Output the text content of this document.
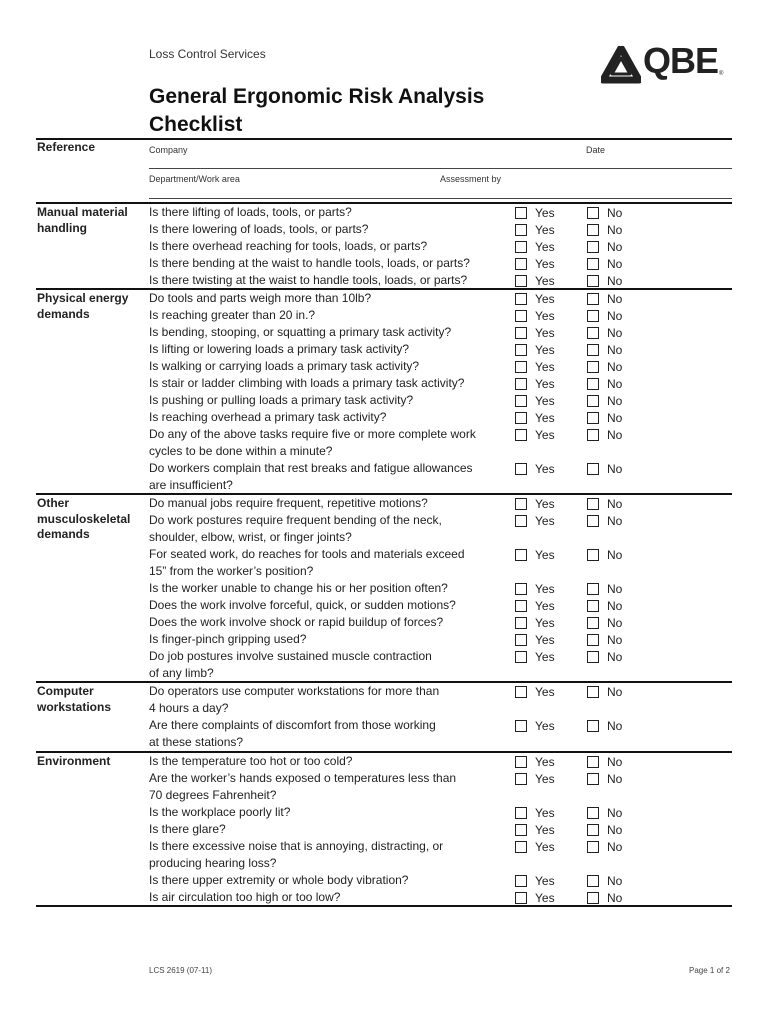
Loss Control Services	QBE ®
General Ergonomic Risk Analysis
Checklist
Reference	Company	Date
Department/Work area	Assessment by
Manual material handling
Is there lifting of loads, tools, or parts?	Yes	No
Is there lowering of loads, tools, or parts?	Yes	No
Is there overhead reaching for tools, loads, or parts?	Yes	No
Is there bending at the waist to handle tools, loads, or parts?	Yes	No
Is there twisting at the waist to handle tools, loads, or parts?	Yes	No
Physical energy demands
Do tools and parts weigh more than 10lb?	Yes	No
Is reaching greater than 20 in.?	Yes	No
Is bending, stooping, or squatting a primary task activity?	Yes	No
Is lifting or lowering loads a primary task activity?	Yes	No
Is walking or carrying loads a primary task activity?	Yes	No
Is stair or ladder climbing with loads a primary task activity?	Yes	No
Is pushing or pulling loads a primary task activity?	Yes	No
Is reaching overhead a primary task activity?	Yes	No
Do any of the above tasks require five or more complete work
cycles to be done within a minute?
Yes	No
Do workers complain that rest breaks and fatigue allowances
are insufficient?
Yes	No
Other musculoskeletal demands
Do manual jobs require frequent, repetitive motions?	Yes	No
Do work postures require frequent bending of the neck,
shoulder, elbow, wrist, or finger joints?
Yes	No
For seated work, do reaches for tools and materials exceed
15” from the worker’s position?
Yes	No
Is the worker unable to change his or her position often?	Yes	No
Does the work involve forceful, quick, or sudden motions?	Yes	No
Does the work involve shock or rapid buildup of forces?	Yes	No
Is finger-pinch gripping used?	Yes	No
Do job postures involve sustained muscle contraction
of any limb?
Yes	No
Computer workstations
Do operators use computer workstations for more than
4 hours a day?
Yes	No
Are there complaints of discomfort from those working
at these stations?
Yes	No
Environment	Is the temperature too hot or too cold?	Yes	No
Are the worker’s hands exposed o temperatures less than
70 degrees Fahrenheit?
Yes	No
Is the workplace poorly lit?	Yes	No
Is there glare?	Yes	No
Is there excessive noise that is annoying, distracting, or
producing hearing loss?
Yes	No
Is there upper extremity or whole body vibration?	Yes	No
Is air circulation too high or too low?	Yes	No
LCS 2619 (07-11)	Page 1 of 2
